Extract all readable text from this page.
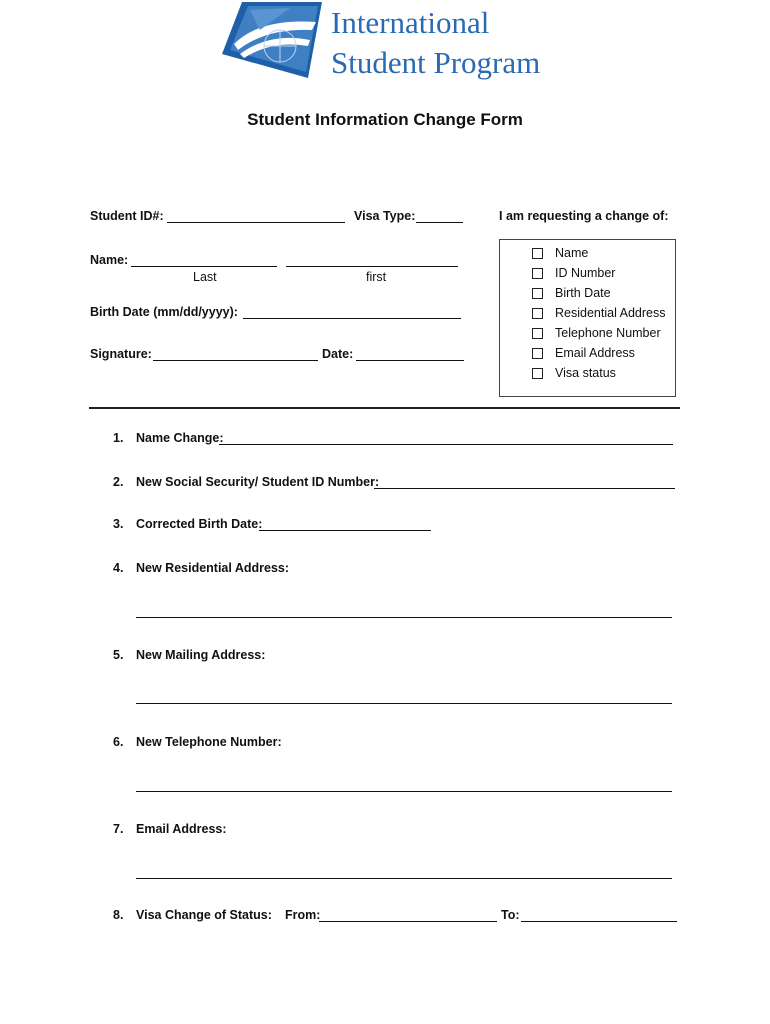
International
Student Program
Student Information Change Form
Student ID#:	Visa Type:	I am requesting a change of:
Name
ID Number
Birth Date
Residential Address
Telephone Number
Email Address
Visa status
Name:
Last	first
Birth Date (mm/dd/yyyy):
Signature:	Date:
1.	Name Change:
2.	New Social Security/ Student ID Number:
3.	Corrected Birth Date:
4.	New Residential Address:
5.	New Mailing Address:
6.	New Telephone Number:
7.	Email Address:
8.	Visa Change of Status: From:	To:
